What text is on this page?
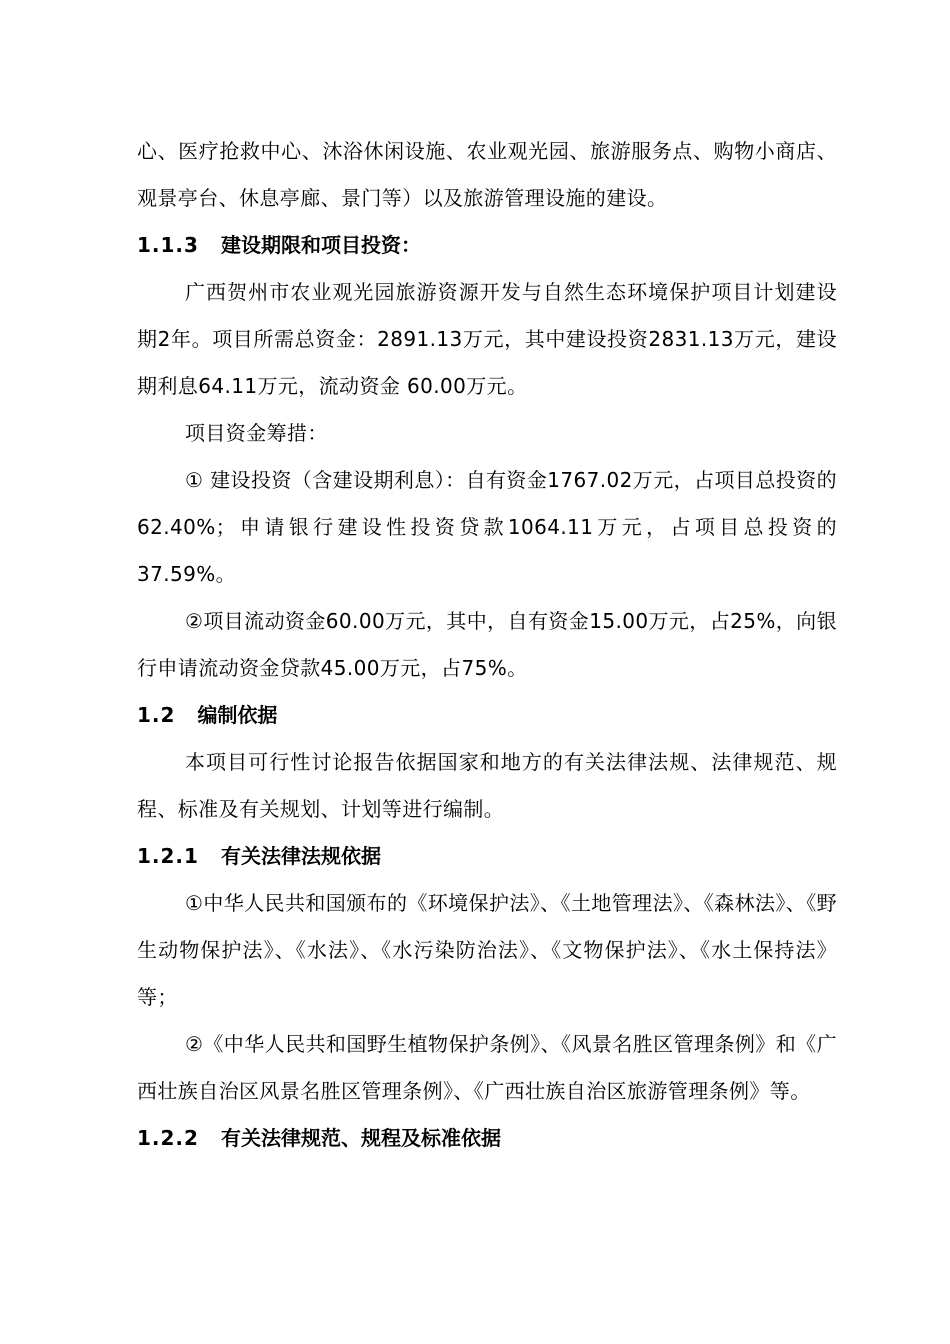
心、医疗抢救中心、沐浴休闲设施、农业观光园、旅游服务点、购物小商店、观景亭台、休息亭廊、景门等）以及旅游管理设施的建设。

1.1.3 建设期限和项目投资：

广西贺州市农业观光园旅游资源开发与自然生态环境保护项目计划建设期2年。项目所需总资金：2891.13万元，其中建设投资2831.13万元，建设期利息64.11万元，流动资金 60.00万元。

项目资金筹措：

① 建设投资（含建设期利息）：自有资金1767.02万元，占项目总投资的62.40%；申请银行建设性投资贷款1064.11万元，占项目总投资的37.59%。

②项目流动资金60.00万元，其中，自有资金15.00万元，占25%，向银行申请流动资金贷款45.00万元，占75%。

1.2 编制依据

本项目可行性讨论报告依据国家和地方的有关法律法规、法律规范、规程、标准及有关规划、计划等进行编制。

1.2.1 有关法律法规依据

①中华人民共和国颁布的《环境保护法》、《土地管理法》、《森林法》、《野生动物保护法》、《水法》、《水污染防治法》、《文物保护法》、《水土保持法》等；

②《中华人民共和国野生植物保护条例》、《风景名胜区管理条例》和《广西壮族自治区风景名胜区管理条例》、《广西壮族自治区旅游管理条例》等。

1.2.2 有关法律规范、规程及标准依据
